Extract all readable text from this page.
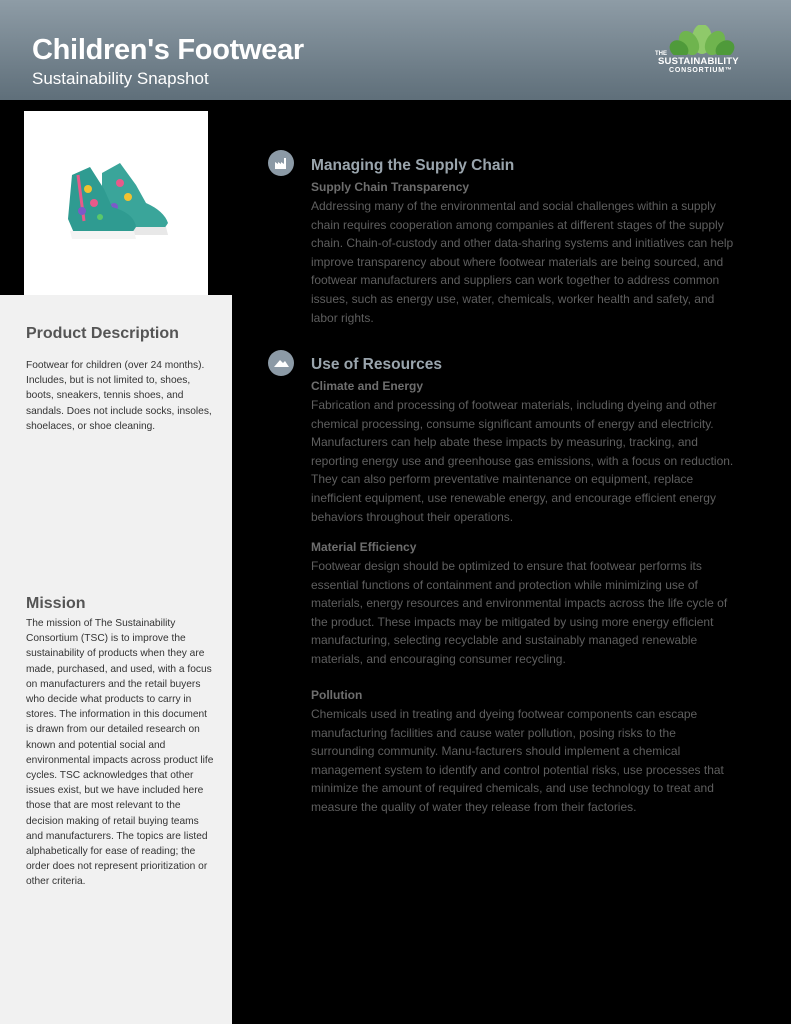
Children's Footwear
Sustainability Snapshot
THE
SUSTAINABILITY
CONSORTIUM™
Product Description
Footwear for children (over 24 months). Includes, but is not limited to, shoes, boots, sneakers, tennis shoes, and sandals. Does not include socks, insoles, shoelaces, or shoe cleaning.
Mission
The mission of The Sustainability Consortium (TSC) is to improve the sustainability of products when they are made, purchased, and used, with a focus on manufacturers and the retail buyers who decide what products to carry in stores. The information in this document is drawn from our detailed research on known and potential social and environmental impacts across product life cycles. TSC acknowledges that other issues exist, but we have included here those that are most relevant to the decision making of retail buying teams and manufacturers. The topics are listed alphabetically for ease of reading; the order does not represent prioritization or other criteria.
Managing the Supply Chain
Supply Chain Transparency
Addressing many of the environmental and social challenges within a supply chain requires cooperation among companies at different stages of the supply chain. Chain-of-custody and other data-sharing systems and initiatives can help improve transparency about where footwear materials are being sourced, and footwear manufacturers and suppliers can work together to address common issues, such as energy use, water, chemicals, worker health and safety, and labor rights.
Use of Resources
Climate and Energy
Fabrication and processing of footwear materials, including dyeing and other chemical processing, consume significant amounts of energy and electricity. Manufacturers can help abate these impacts by measuring, tracking, and reporting energy use and greenhouse gas emissions, with a focus on reduction. They can also perform preventative maintenance on equipment, replace inefficient equipment, use renewable energy, and encourage efficient energy behaviors throughout their operations.
Material Efficiency
Footwear design should be optimized to ensure that footwear performs its essential functions of containment and protection while minimizing use of materials, energy resources and environmental impacts across the life cycle of the product. These impacts may be mitigated by using more energy efficient manufacturing, selecting recyclable and sustainably managed renewable materials, and encouraging consumer recycling.
Pollution
Chemicals used in treating and dyeing footwear components can escape manufacturing facilities and cause water pollution, posing risks to the surrounding community. Manu-facturers should implement a chemical management system to identify and control potential risks, use processes that minimize the amount of required chemicals, and use technology to treat and measure the quality of water they release from their factories.
